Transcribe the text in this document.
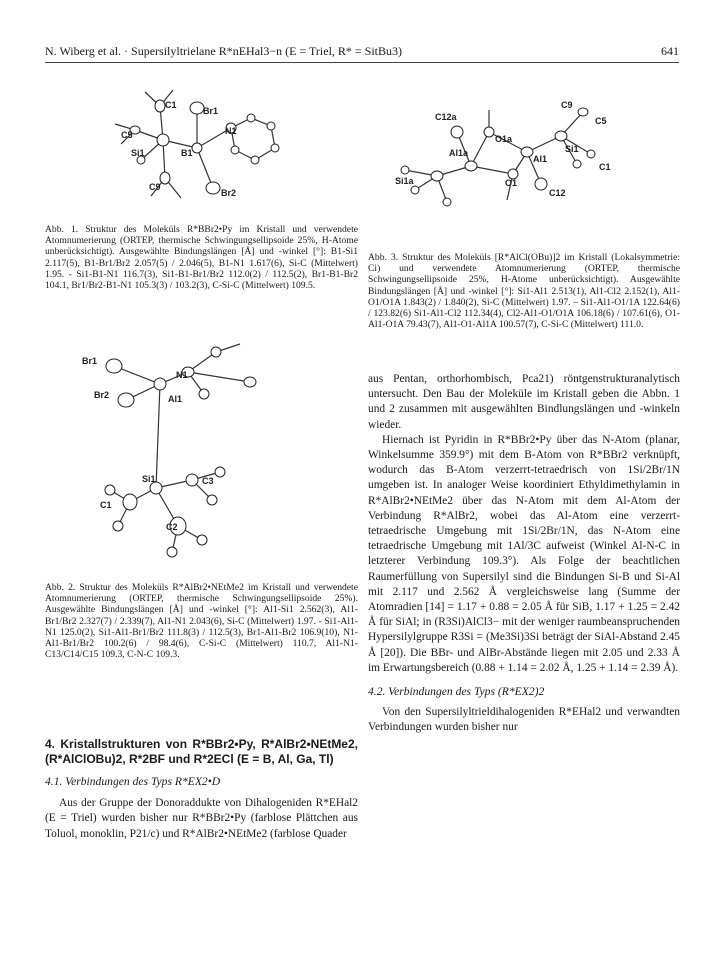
N. Wiberg et al. · Supersilyltrielane R*nEHal3−n (E = Triel, R* = SitBu3)	641
C1
Br1
N1
C5
Si1	B1
C9
Br2
Abb. 1. Struktur des Moleküls R*BBr2•Py im Kristall und verwendete Atomnumerierung (ORTEP, thermische Schwingungsellipsoide 25%, H-Atome unberücksichtigt). Ausgewählte Bindungslängen [Å] und -winkel [°]: B1-Si1 2.117(5), B1-Br1/Br2 2.057(5) / 2.046(5), B1-N1 1.617(6), Si-C (Mittelwert) 1.95. - Si1-B1-N1 116.7(3), Si1-B1-Br1/Br2 112.0(2) / 112.5(2), Br1-B1-Br2 104.1, Br1/Br2-B1-N1 105.3(3) / 103.2(3), C-Si-C (Mittelwert) 109.5.
C9
C12a	C5
O1a
Si1
Al1a
C1
Al1
Si1a	O1
C12
Abb. 3. Struktur des Moleküls [R*AlCl(OBu)]2 im Kristall (Lokalsymmetrie: Ci) und verwendete Atomnumerierung (ORTEP, thermische Schwingungsellipsoide 25%, H-Atome unberücksichtigt). Ausgewählte Bindungslängen [Å] und -winkel [°]: Si1-Al1 2.513(1), Al1-Cl2 2.152(1), Al1-O1/O1A 1.843(2) / 1.840(2), Si-C (Mittelwert) 1.97. – Si1-Al1-O1/1A 122.64(6) / 123.82(6) Si1-Al1-Cl2 112.34(4), Cl2-Al1-O1/O1A 106.18(6) / 107.61(6), O1-Al1-O1A 79.43(7), Al1-O1-Al1A 100.57(7), C-Si-C (Mittelwert) 111.0.
Br1
N1
Br2	Al1
Si1	C3
C1
C2
Abb. 2. Struktur des Moleküls R*AlBr2•NEtMe2 im Kristall und verwendete Atomnumerierung (ORTEP, thermische Schwingungsellipsoide 25%). Ausgewählte Bindungslängen [Å] und -winkel [°]: Al1-Si1 2.562(3), Al1-Br1/Br2 2.327(7) / 2.339(7), Al1-N1 2.043(6), Si-C (Mittelwert) 1.97. - Si1-Al1-N1 125.0(2), Si1-Al1-Br1/Br2 111.8(3) / 112.5(3), Br1-Al1-Br2 106.9(10), N1-Al1-Br1/Br2 100.2(6) / 98.4(6), C-Si-C (Mittelwert) 110.7, Al1-N1-C13/C14/C15 109.3, C-N-C 109.3.
4. Kristallstrukturen von R*BBr2•Py, R*AlBr2•NEtMe2, (R*AlClOBu)2, R*2BF und R*2ECl (E = B, Al, Ga, Tl)
4.1. Verbindungen des Typs R*EX2•D

Aus der Gruppe der Donoraddukte von Dihalogeniden R*EHal2 (E = Triel) wurden bisher nur R*BBr2•Py (farblose Plättchen aus Toluol, monoklin, P21/c) und R*AlBr2•NEtMe2 (farblose Quader

aus Pentan, orthorhombisch, Pca21) röntgenstrukturanalytisch untersucht. Den Bau der Moleküle im Kristall geben die Abbn. 1 und 2 zusammen mit ausgewählten Bindlungslängen und -winkeln wieder.

Hiernach ist Pyridin in R*BBr2•Py über das N-Atom (planar, Winkelsumme 359.9°) mit dem B-Atom von R*BBr2 verknüpft, wodurch das B-Atom verzerrt-tetraedrisch von 1Si/2Br/1N umgeben ist. In analoger Weise koordiniert Ethyldimethylamin in R*AlBr2•NEtMe2 über das N-Atom mit dem Al-Atom der Verbindung R*AlBr2, wobei das Al-Atom eine verzerrt-tetraedrische Umgebung mit 1Si/2Br/1N, das N-Atom eine tetraedrische Umgebung mit 1Al/3C aufweist (Winkel Al-N-C in letzterer Verbindung 109.3°). Als Folge der beachtlichen Raumerfüllung von Supersilyl sind die Bindungen Si-B und Si-Al mit 2.117 und 2.562 Å vergleichsweise lang (Summe der Atomradien [14] = 1.17 + 0.88 = 2.05 Å für SiB, 1.17 + 1.25 = 2.42 Å für SiAl; in (R3Si)AlCl3− mit der weniger raumbeanspruchenden Hypersilylgruppe R3Si = (Me3Si)3Si beträgt der SiAl-Abstand 2.45 Å [20]). Die BBr- und AlBr-Abstände liegen mit 2.05 und 2.33 Å im Erwartungsbereich (0.88 + 1.14 = 2.02 Å, 1.25 + 1.14 = 2.39 Å).

4.2. Verbindungen des Typs (R*EX2)2

Von den Supersilyltrieldihalogeniden R*EHal2 und verwandten Verbindungen wurden bisher nur
